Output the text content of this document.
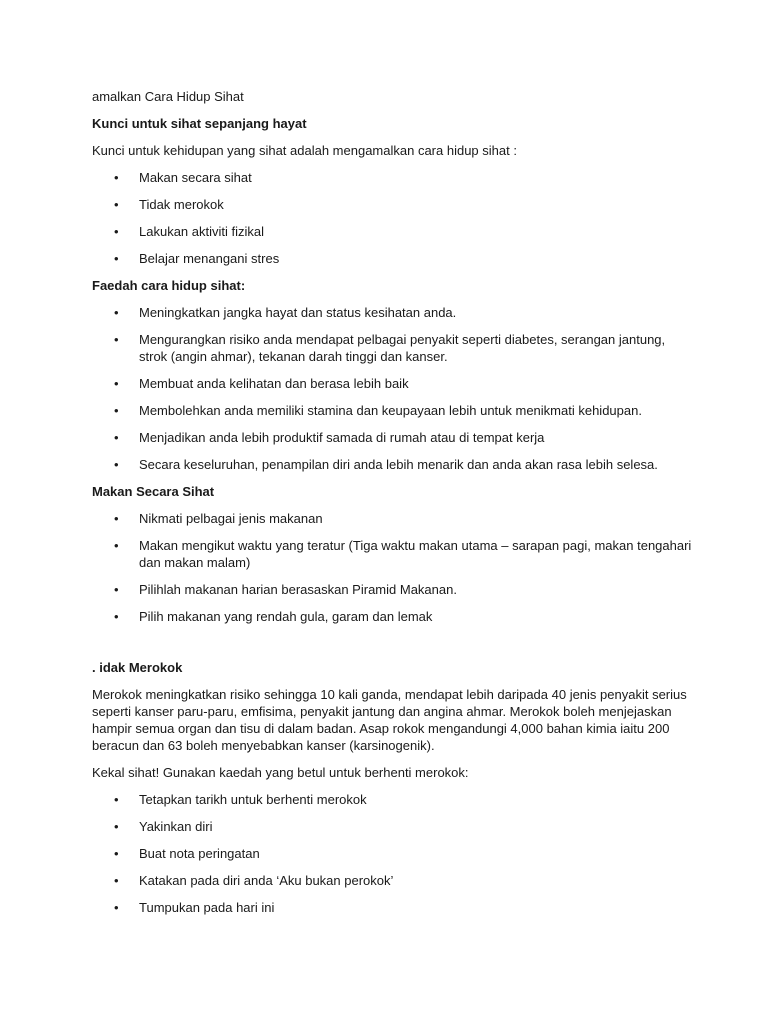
amalkan Cara Hidup Sihat

Kunci untuk sihat sepanjang hayat

Kunci untuk kehidupan yang sihat adalah mengamalkan cara hidup sihat :

• Makan secara sihat
• Tidak merokok
• Lakukan aktiviti fizikal
• Belajar menangani stres

Faedah cara hidup sihat:

• Meningkatkan jangka hayat dan status kesihatan anda.
• Mengurangkan risiko anda mendapat pelbagai penyakit seperti diabetes, serangan jantung, strok (angin ahmar), tekanan darah tinggi dan kanser.
• Membuat anda kelihatan dan berasa lebih baik
• Membolehkan anda memiliki stamina dan keupayaan lebih untuk menikmati kehidupan.
• Menjadikan anda lebih produktif samada di rumah atau di tempat kerja
• Secara keseluruhan, penampilan diri anda lebih menarik dan anda akan rasa lebih selesa.

Makan Secara Sihat

• Nikmati pelbagai jenis makanan
• Makan mengikut waktu yang teratur (Tiga waktu makan utama – sarapan pagi, makan tengahari dan makan malam)
• Pilihlah makanan harian berasaskan Piramid Makanan.
• Pilih makanan yang rendah gula, garam dan lemak

. idak Merokok

Merokok meningkatkan risiko sehingga 10 kali ganda, mendapat lebih daripada 40 jenis penyakit serius seperti kanser paru-paru, emfisima, penyakit jantung dan angina ahmar. Merokok boleh menjejaskan hampir semua organ dan tisu di dalam badan. Asap rokok mengandungi 4,000 bahan kimia iaitu 200 beracun dan 63 boleh menyebabkan kanser (karsinogenik).

Kekal sihat! Gunakan kaedah yang betul untuk berhenti merokok:

• Tetapkan tarikh untuk berhenti merokok
• Yakinkan diri
• Buat nota peringatan
• Katakan pada diri anda ‘Aku bukan perokok’
• Tumpukan pada hari ini
